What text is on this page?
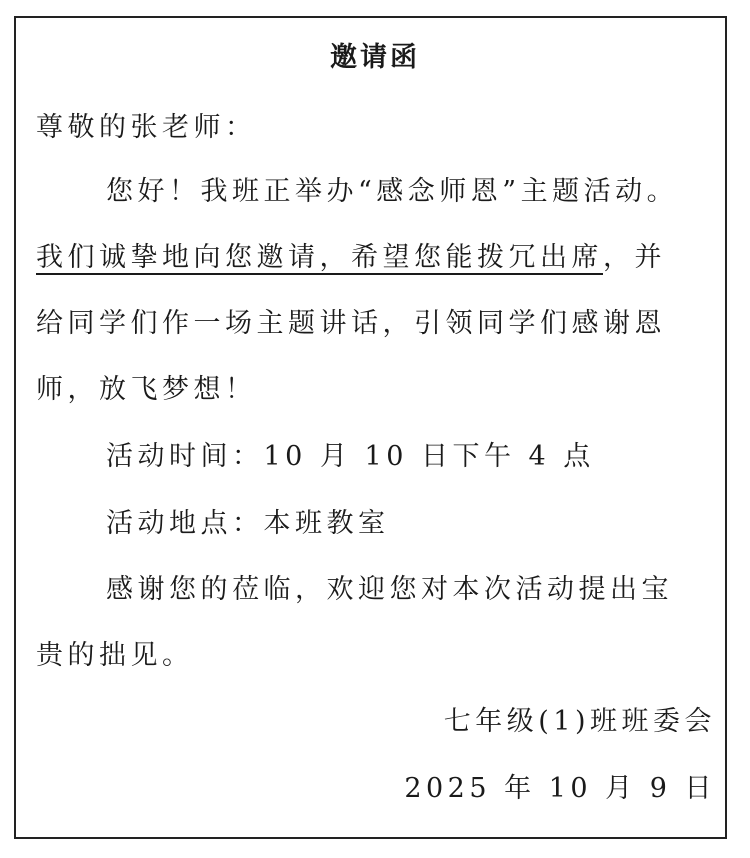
邀请函
尊敬的张老师：
您好！我班正举办“感念师恩”主题活动。
我们诚挚地向您邀请，希望您能拨冗出席，并
给同学们作一场主题讲话，引领同学们感谢恩
师，放飞梦想！
活动时间：10 月 10 日下午 4 点
活动地点：本班教室
感谢您的莅临，欢迎您对本次活动提出宝
贵的拙见。
七年级(1)班班委会
2025 年 10 月 9 日
